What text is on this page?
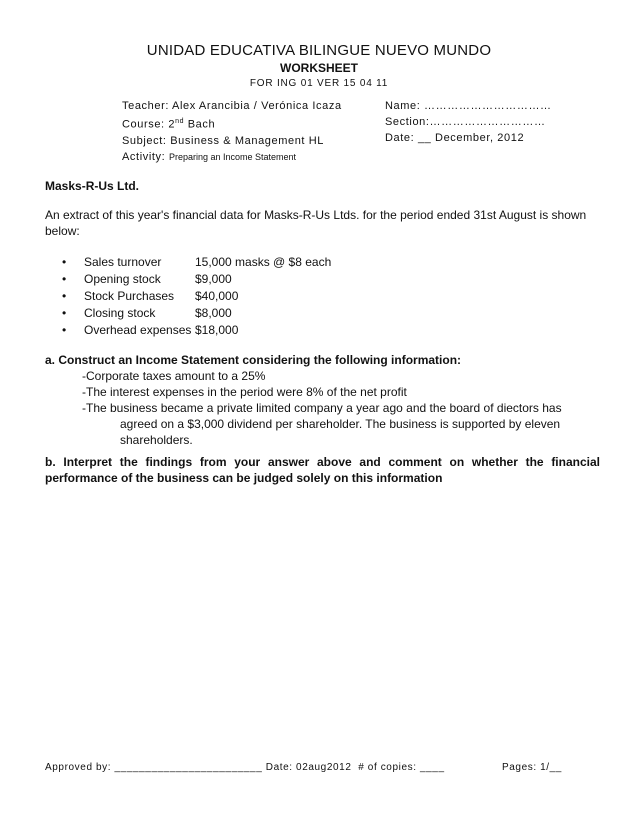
UNIDAD EDUCATIVA BILINGUE NUEVO MUNDO
WORKSHEET
FOR ING 01 VER 15 04 11
Teacher: Alex Arancibia / Verónica Icaza
Course: 2nd Bach
Subject: Business & Management HL
Activity: Preparing an Income Statement
Name: ……………………………
Section:…………………………
Date: __ December, 2012
Masks-R-Us Ltd.
An extract of this year's financial data for Masks-R-Us Ltds. for the period ended 31st August is shown below:
•	Sales turnover	15,000 masks @ $8 each
•	Opening stock	$9,000
•	Stock Purchases	$40,000
•	Closing stock	$8,000
•	Overhead expenses $18,000
a. Construct an Income Statement considering the following information:
-Corporate taxes amount to a 25%
-The interest expenses in the period were 8% of the net profit
-The business became a private limited company a year ago and the board of diectors has
agreed on a $3,000 dividend per shareholder. The business is supported by eleven
shareholders.
b. Interpret the findings from your answer above and comment on whether the financial performance of the business can be judged solely on this information
Approved by: ________________________ Date: 02aug2012  # of copies: ____	Pages: 1/__
